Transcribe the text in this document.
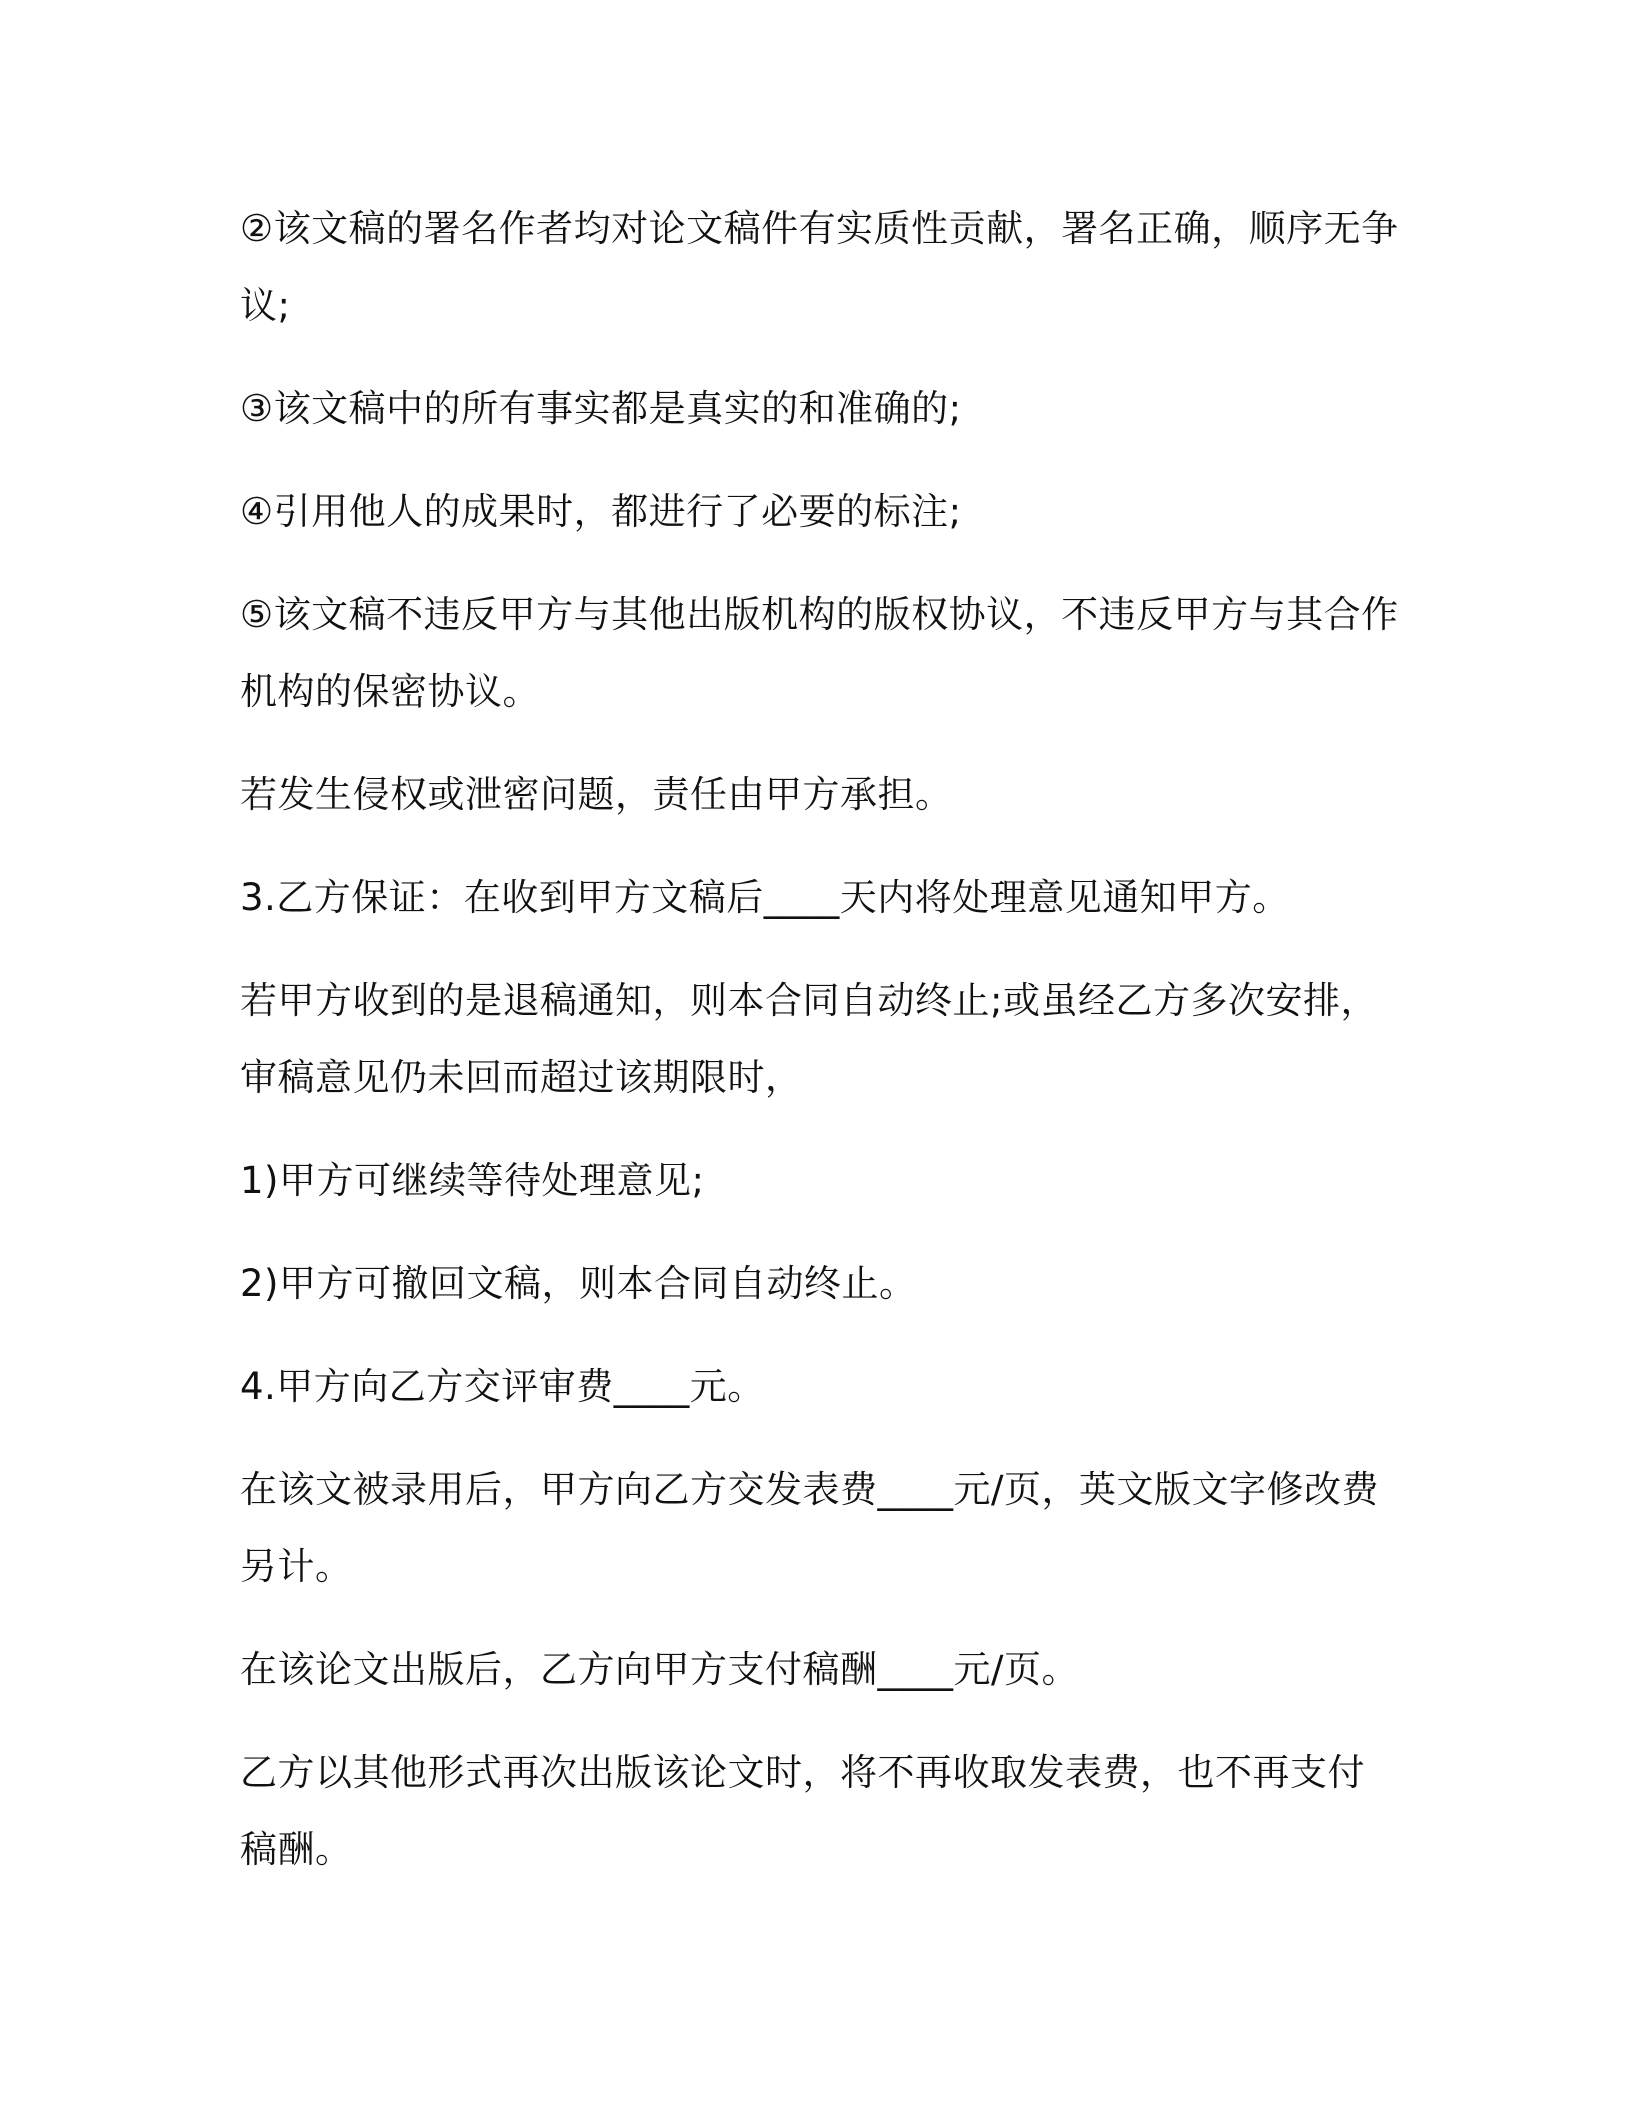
②该文稿的署名作者均对论文稿件有实质性贡献，署名正确，顺序无争议;

③该文稿中的所有事实都是真实的和准确的;

④引用他人的成果时，都进行了必要的标注;

⑤该文稿不违反甲方与其他出版机构的版权协议，不违反甲方与其合作机构的保密协议。

若发生侵权或泄密问题，责任由甲方承担。

3.乙方保证：在收到甲方文稿后____天内将处理意见通知甲方。

若甲方收到的是退稿通知，则本合同自动终止;或虽经乙方多次安排，审稿意见仍未回而超过该期限时，

1)甲方可继续等待处理意见;

2)甲方可撤回文稿，则本合同自动终止。

4.甲方向乙方交评审费____元。

在该文被录用后，甲方向乙方交发表费____元/页，英文版文字修改费另计。

在该论文出版后，乙方向甲方支付稿酬____元/页。

乙方以其他形式再次出版该论文时，将不再收取发表费，也不再支付稿酬。
